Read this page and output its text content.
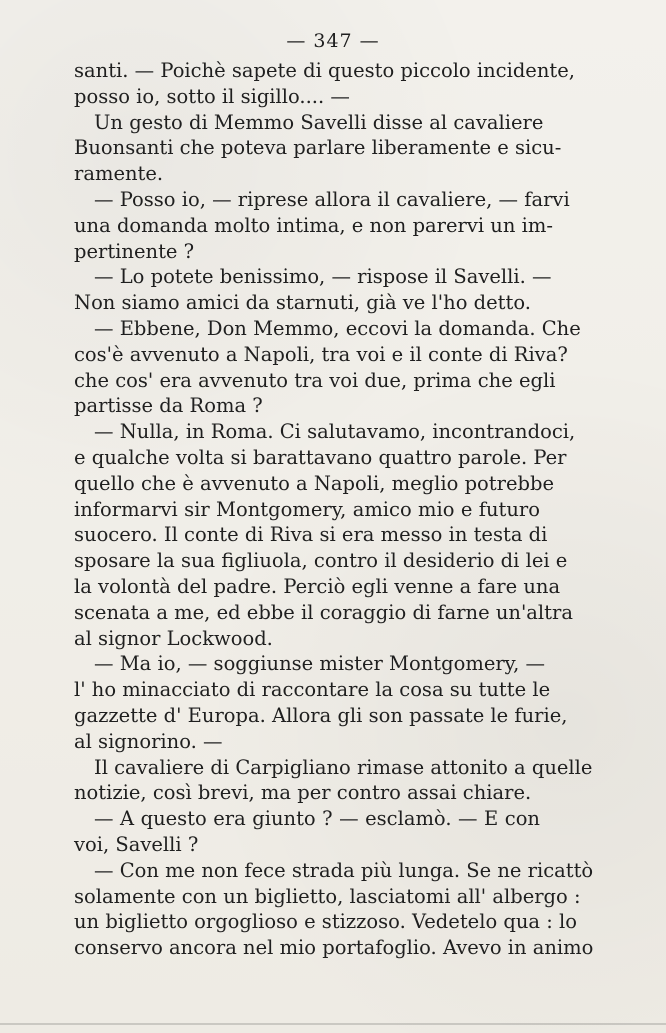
— 347 —
santi. — Poichè sapete di questo piccolo incidente,
posso io, sotto il sigillo.... —
Un gesto di Memmo Savelli disse al cavaliere
Buonsanti che poteva parlare liberamente e sicu-
ramente.
— Posso io, — riprese allora il cavaliere, — farvi
una domanda molto intima, e non parervi un im-
pertinente ?
— Lo potete benissimo, — rispose il Savelli. —
Non siamo amici da starnuti, già ve l'ho detto.
— Ebbene, Don Memmo, eccovi la domanda. Che
cos'è avvenuto a Napoli, tra voi e il conte di Riva?
che cos' era avvenuto tra voi due, prima che egli
partisse da Roma ?
— Nulla, in Roma. Ci salutavamo, incontrandoci,
e qualche volta si barattavano quattro parole. Per
quello che è avvenuto a Napoli, meglio potrebbe
informarvi sir Montgomery, amico mio e futuro
suocero. Il conte di Riva si era messo in testa di
sposare la sua figliuola, contro il desiderio di lei e
la volontà del padre. Perciò egli venne a fare una
scenata a me, ed ebbe il coraggio di farne un'altra
al signor Lockwood.
— Ma io, — soggiunse mister Montgomery, —
l' ho minacciato di raccontare la cosa su tutte le
gazzette d' Europa. Allora gli son passate le furie,
al signorino. —
Il cavaliere di Carpigliano rimase attonito a quelle
notizie, così brevi, ma per contro assai chiare.
— A questo era giunto ? — esclamò. — E con
voi, Savelli ?
— Con me non fece strada più lunga. Se ne ricattò
solamente con un biglietto, lasciatomi all' albergo :
un biglietto orgoglioso e stizzoso. Vedetelo qua : lo
conservo ancora nel mio portafoglio. Avevo in animo
